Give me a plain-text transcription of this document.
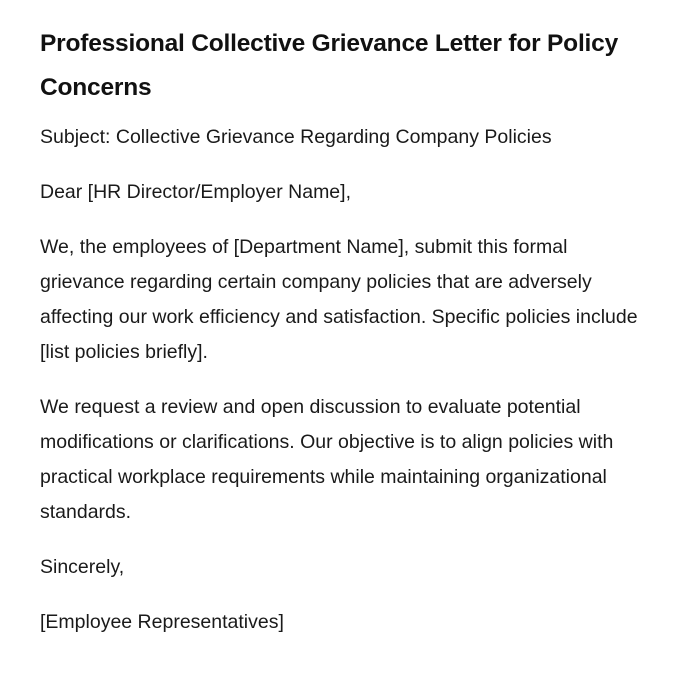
Professional Collective Grievance Letter for Policy Concerns

Subject: Collective Grievance Regarding Company Policies

Dear [HR Director/Employer Name],

We, the employees of [Department Name], submit this formal grievance regarding certain company policies that are adversely affecting our work efficiency and satisfaction. Specific policies include [list policies briefly].

We request a review and open discussion to evaluate potential modifications or clarifications. Our objective is to align policies with practical workplace requirements while maintaining organizational standards.

Sincerely,

[Employee Representatives]
